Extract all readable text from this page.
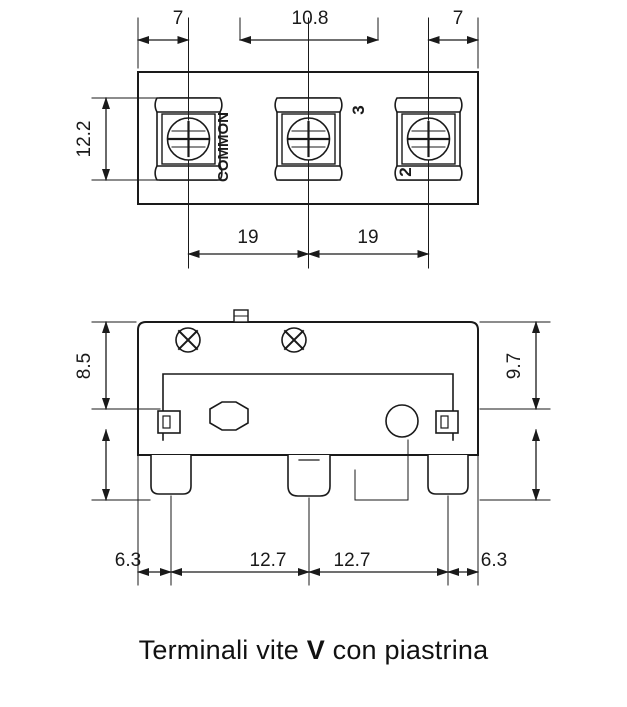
7	10.8	7
12.2
19	19
COMMON
3
2
8.5	9.7
6.3	12.7 12.7	6.3
Terminali vite V con piastrina
